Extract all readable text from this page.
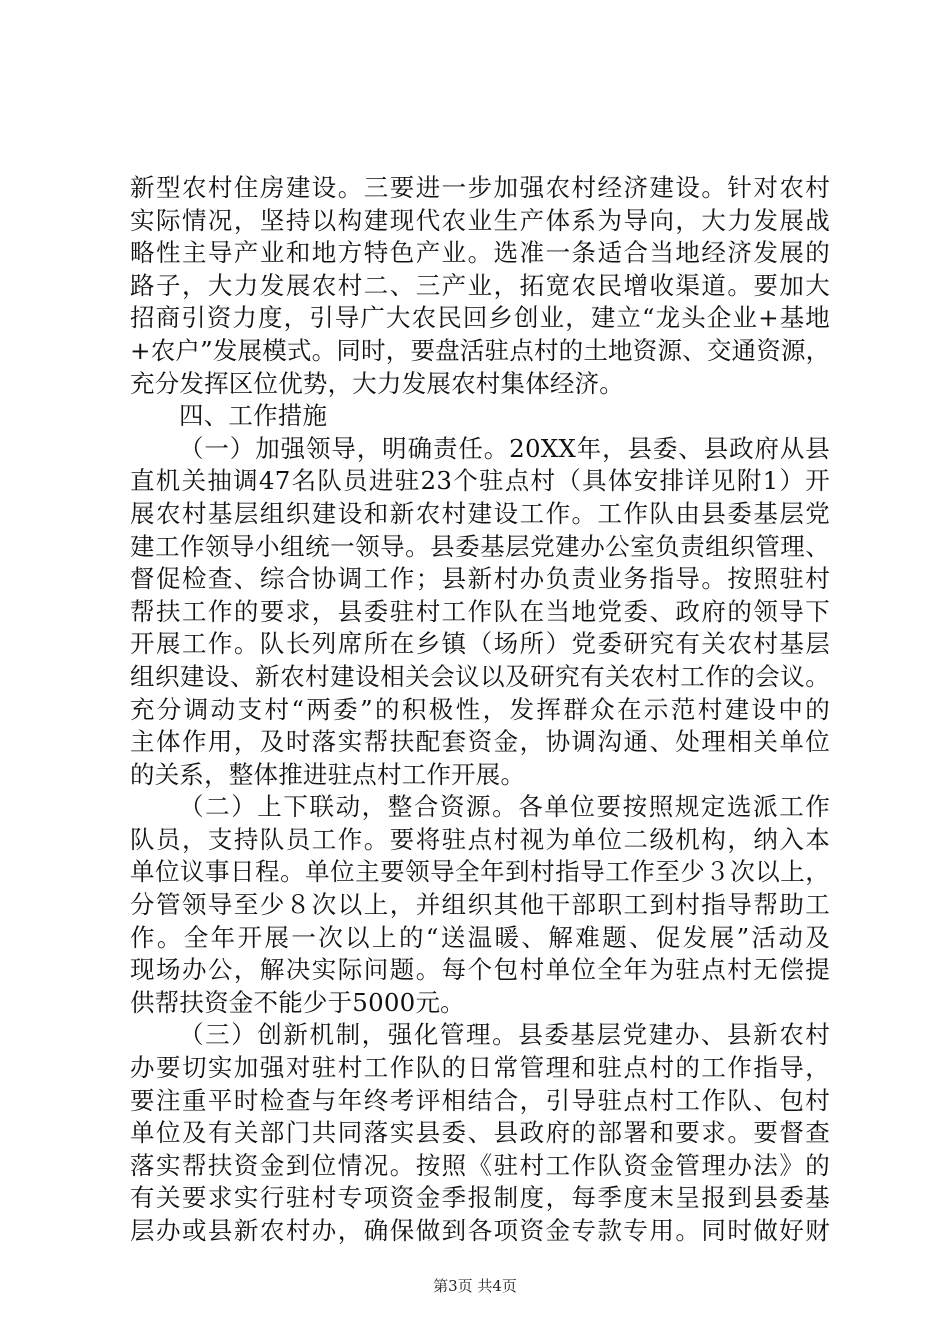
新型农村住房建设。三要进一步加强农村经济建设。针对农村
实际情况，坚持以构建现代农业生产体系为导向，大力发展战
略性主导产业和地方特色产业。选准一条适合当地经济发展的
路子，大力发展农村二、三产业，拓宽农民增收渠道。要加大
招商引资力度，引导广大农民回乡创业，建立“龙头企业+基地
+农户”发展模式。同时，要盘活驻点村的土地资源、交通资源，
充分发挥区位优势，大力发展农村集体经济。
四、工作措施
（一）加强领导，明确责任。20XX年，县委、县政府从县
直机关抽调47名队员进驻23个驻点村（具体安排详见附1）开
展农村基层组织建设和新农村建设工作。工作队由县委基层党
建工作领导小组统一领导。县委基层党建办公室负责组织管理、
督促检查、综合协调工作；县新村办负责业务指导。按照驻村
帮扶工作的要求，县委驻村工作队在当地党委、政府的领导下
开展工作。队长列席所在乡镇（场所）党委研究有关农村基层
组织建设、新农村建设相关会议以及研究有关农村工作的会议。
充分调动支村“两委”的积极性，发挥群众在示范村建设中的
主体作用，及时落实帮扶配套资金，协调沟通、处理相关单位
的关系，整体推进驻点村工作开展。
（二）上下联动，整合资源。各单位要按照规定选派工作
队员，支持队员工作。要将驻点村视为单位二级机构，纳入本
单位议事日程。单位主要领导全年到村指导工作至少３次以上，
分管领导至少８次以上，并组织其他干部职工到村指导帮助工
作。全年开展一次以上的“送温暖、解难题、促发展”活动及
现场办公，解决实际问题。每个包村单位全年为驻点村无偿提
供帮扶资金不能少于5000元。
（三）创新机制，强化管理。县委基层党建办、县新农村
办要切实加强对驻村工作队的日常管理和驻点村的工作指导，
要注重平时检查与年终考评相结合，引导驻点村工作队、包村
单位及有关部门共同落实县委、县政府的部署和要求。要督查
落实帮扶资金到位情况。按照《驻村工作队资金管理办法》的
有关要求实行驻村专项资金季报制度，每季度末呈报到县委基
层办或县新农村办，确保做到各项资金专款专用。同时做好财
第3页 共4页
